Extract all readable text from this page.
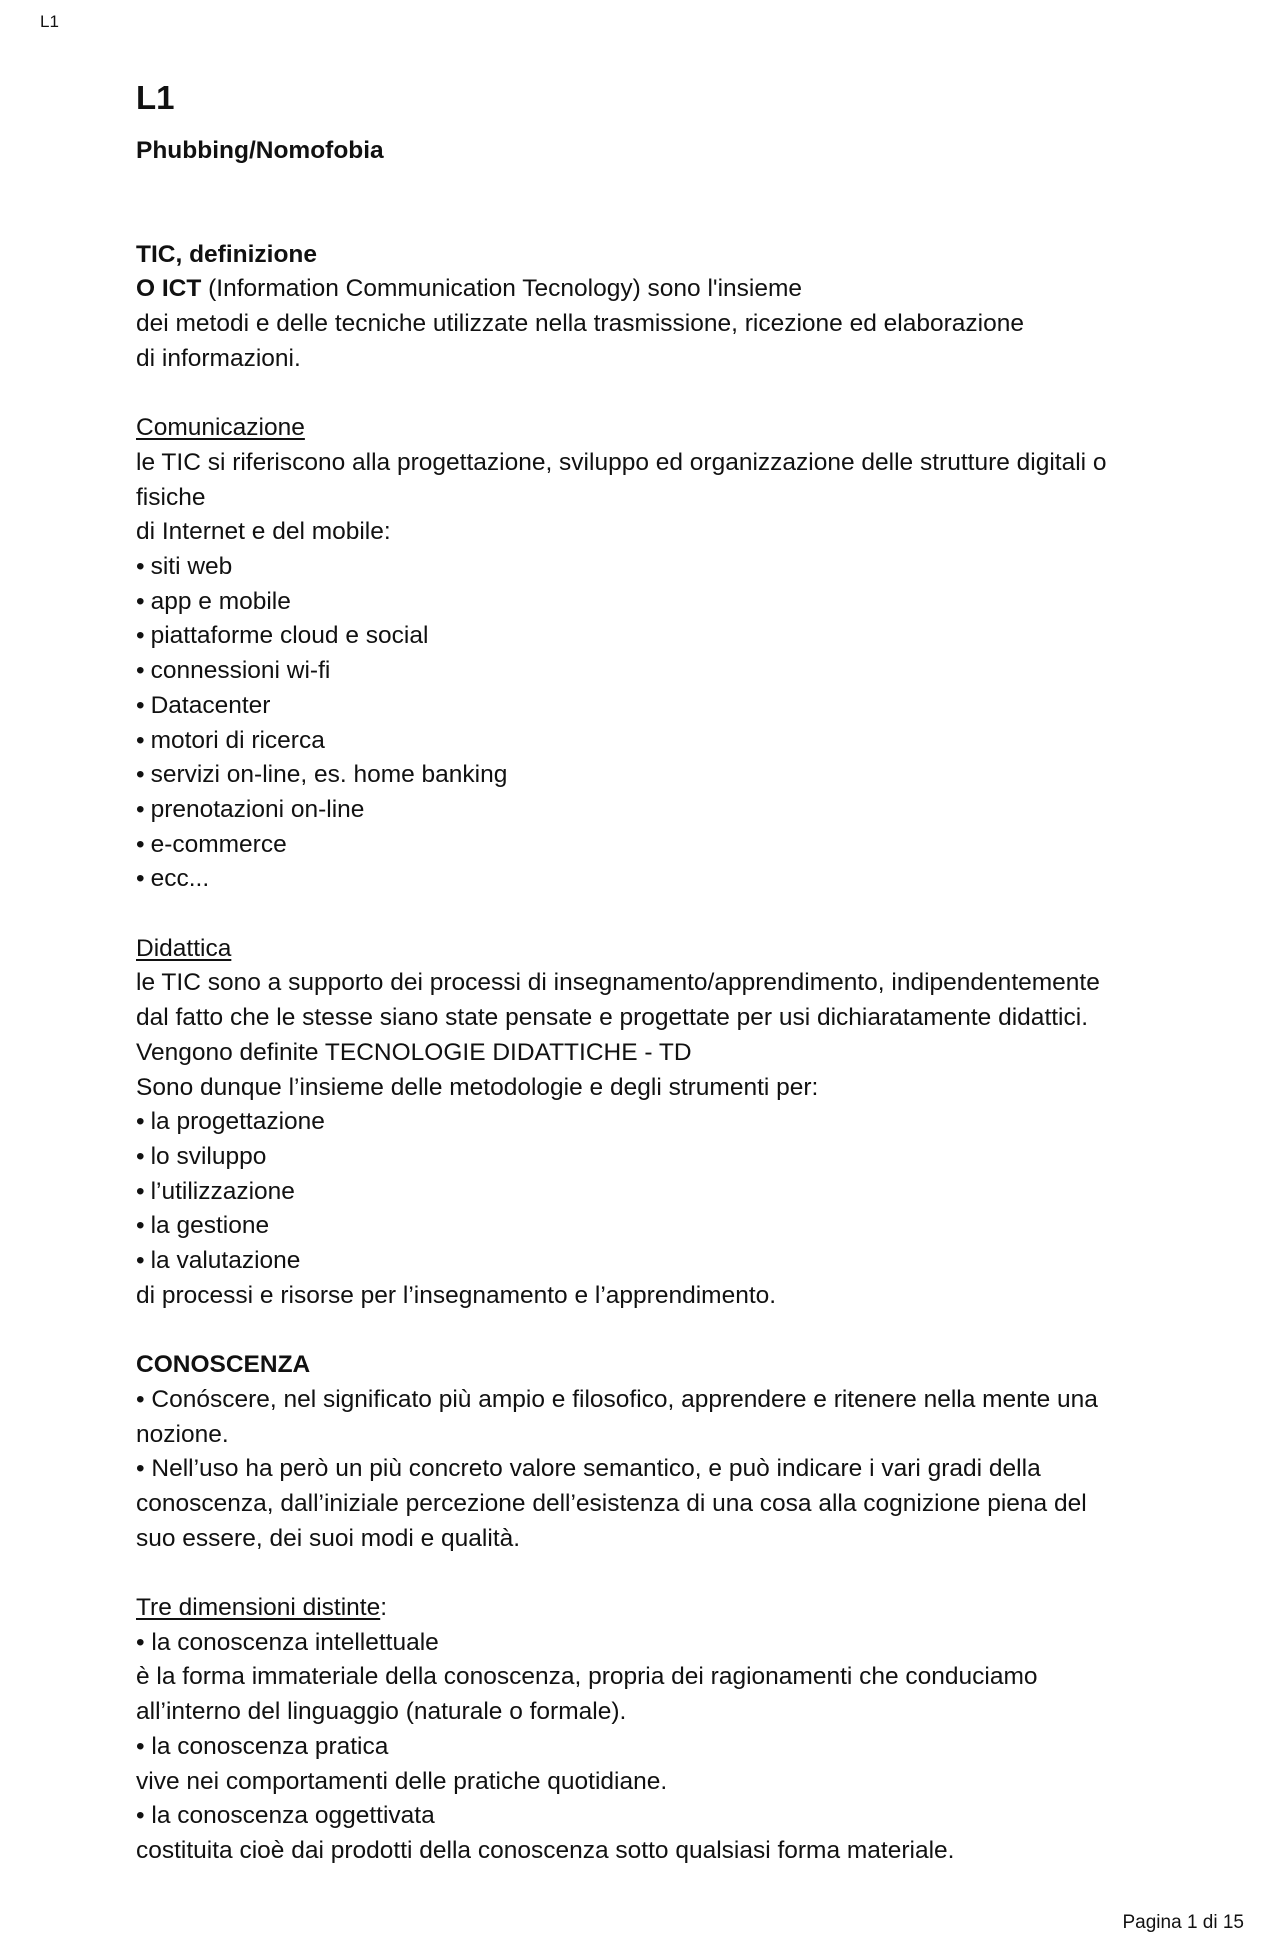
L1
L1

Phubbing/Nomofobia

TIC, definizione
O ICT (Information Communication Tecnology) sono l'insieme
dei metodi e delle tecniche utilizzate nella trasmissione, ricezione ed elaborazione
di informazioni.
Comunicazione
le TIC si riferiscono alla progettazione, sviluppo ed organizzazione delle strutture digitali o
fisiche
di Internet e del mobile:
• siti web
• app e mobile
• piattaforme cloud e social
• connessioni wi-fi
• Datacenter
• motori di ricerca
• servizi on-line, es. home banking
• prenotazioni on-line
• e-commerce
• ecc...
Didattica
le TIC sono a supporto dei processi di insegnamento/apprendimento, indipendentemente
dal fatto che le stesse siano state pensate e progettate per usi dichiaratamente didattici.
Vengono definite TECNOLOGIE DIDATTICHE - TD
Sono dunque l’insieme delle metodologie e degli strumenti per:
• la progettazione
• lo sviluppo
• l’utilizzazione
• la gestione
• la valutazione
di processi e risorse per l’insegnamento e l’apprendimento.
CONOSCENZA
• Conóscere, nel significato più ampio e filosofico, apprendere e ritenere nella mente una
nozione.
• Nell’uso ha però un più concreto valore semantico, e può indicare i vari gradi della
conoscenza, dall’iniziale percezione dell’esistenza di una cosa alla cognizione piena del
suo essere, dei suoi modi e qualità.
Tre dimensioni distinte:
• la conoscenza intellettuale
è la forma immateriale della conoscenza, propria dei ragionamenti che conduciamo
all’interno del linguaggio (naturale o formale).
• la conoscenza pratica
vive nei comportamenti delle pratiche quotidiane.
• la conoscenza oggettivata
costituita cioè dai prodotti della conoscenza sotto qualsiasi forma materiale.
Pagina 1 di 15
